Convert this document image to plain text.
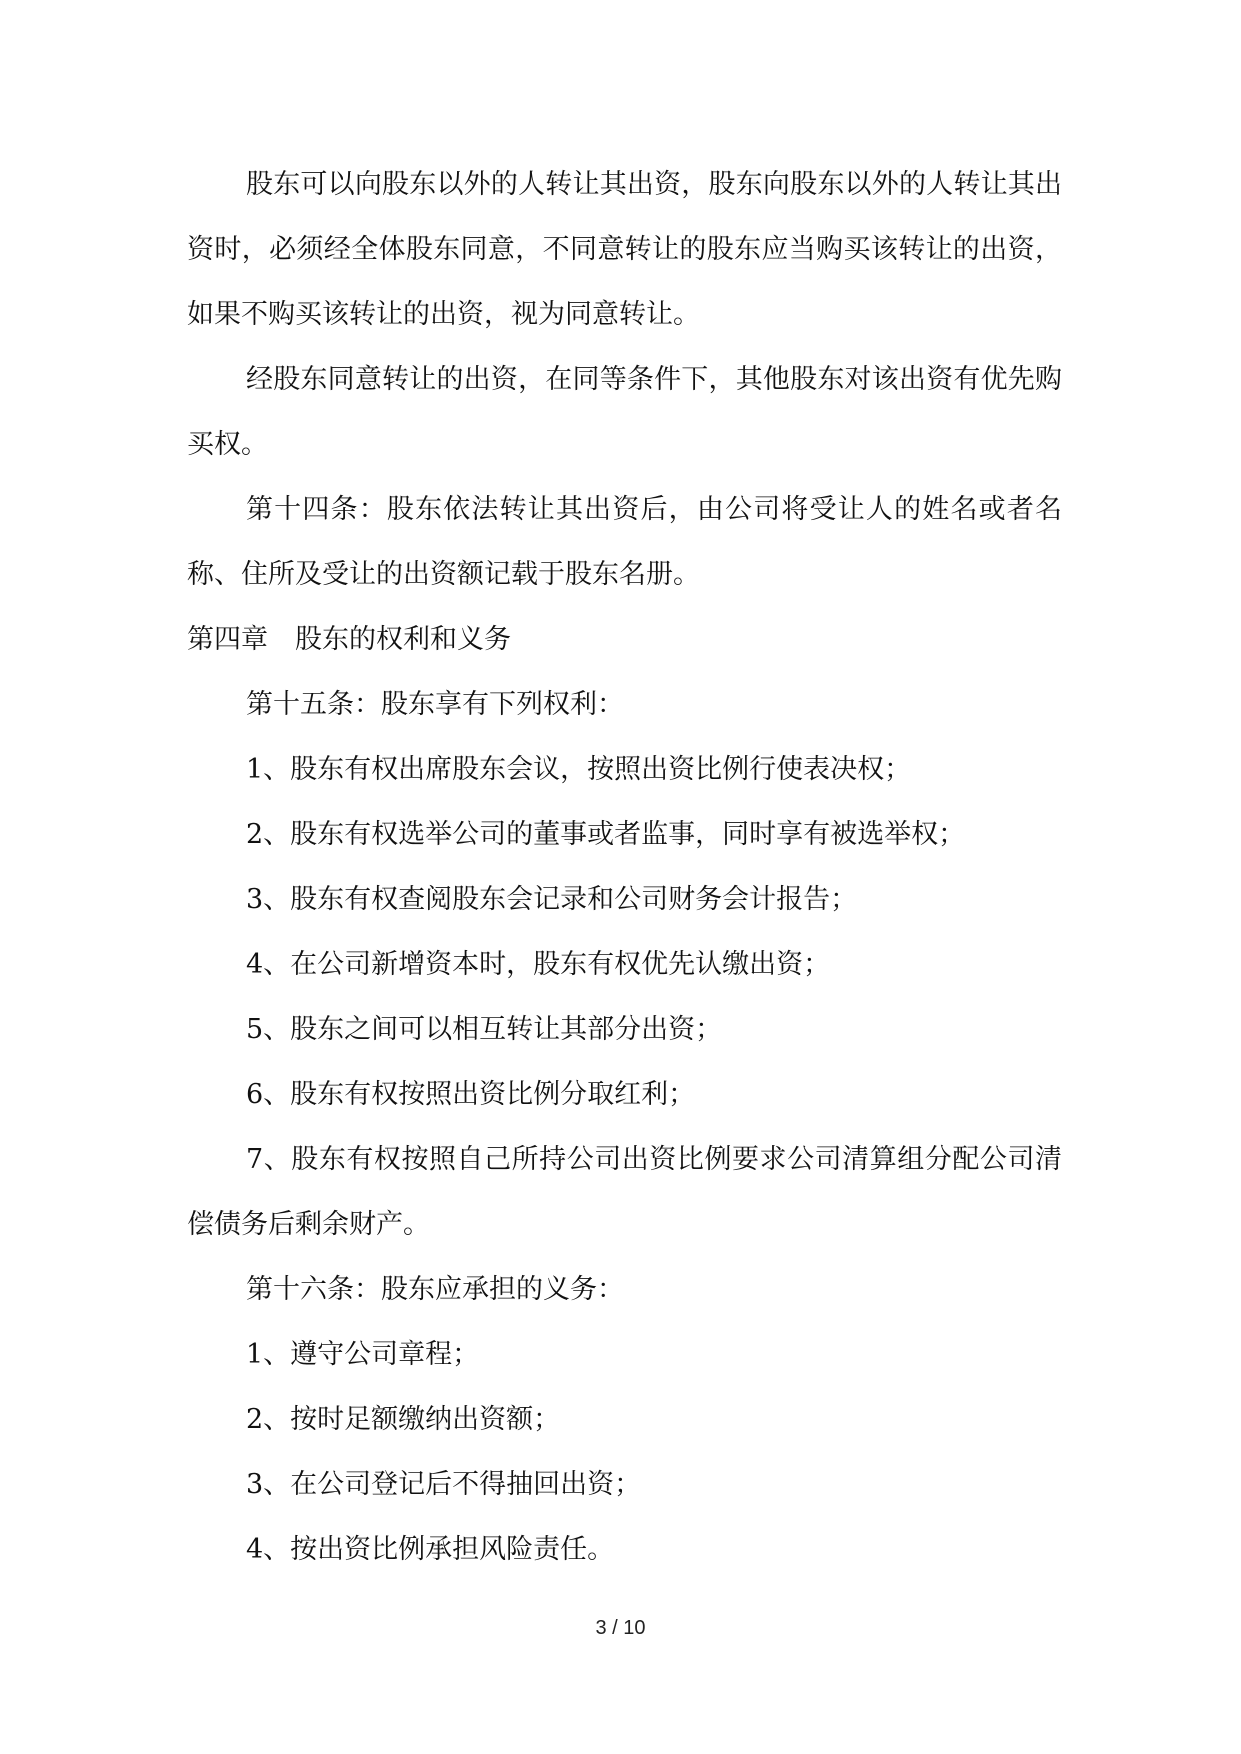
股东可以向股东以外的人转让其出资，股东向股东以外的人转让其出资时，必须经全体股东同意，不同意转让的股东应当购买该转让的出资，如果不购买该转让的出资，视为同意转让。

经股东同意转让的出资，在同等条件下，其他股东对该出资有优先购买权。

第十四条：股东依法转让其出资后，由公司将受让人的姓名或者名称、住所及受让的出资额记载于股东名册。

第四章　股东的权利和义务

第十五条：股东享有下列权利：

1、股东有权出席股东会议，按照出资比例行使表决权；

2、股东有权选举公司的董事或者监事，同时享有被选举权；

3、股东有权查阅股东会记录和公司财务会计报告；

4、在公司新增资本时，股东有权优先认缴出资；

5、股东之间可以相互转让其部分出资；

6、股东有权按照出资比例分取红利；

7、股东有权按照自己所持公司出资比例要求公司清算组分配公司清偿债务后剩余财产。

第十六条：股东应承担的义务：

1、遵守公司章程；

2、按时足额缴纳出资额；

3、在公司登记后不得抽回出资；

4、按出资比例承担风险责任。

3 / 10
